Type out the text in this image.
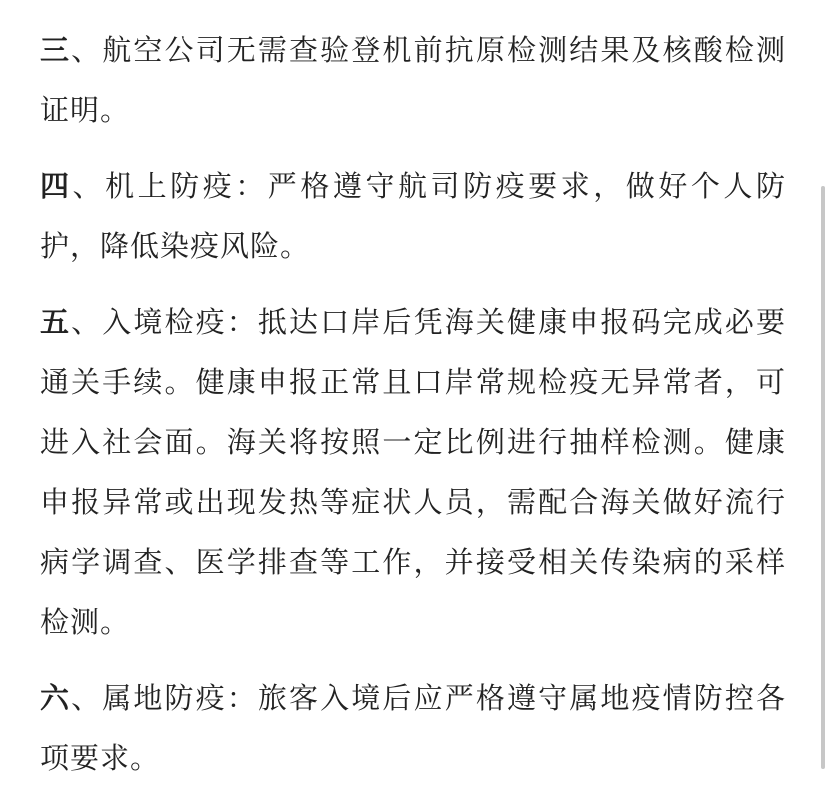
三、航空公司无需查验登机前抗原检测结果及核酸检测证明。

四、机上防疫：严格遵守航司防疫要求，做好个人防护，降低染疫风险。

五、入境检疫：抵达口岸后凭海关健康申报码完成必要通关手续。健康申报正常且口岸常规检疫无异常者，可进入社会面。海关将按照一定比例进行抽样检测。健康申报异常或出现发热等症状人员，需配合海关做好流行病学调查、医学排查等工作，并接受相关传染病的采样检测。

六、属地防疫：旅客入境后应严格遵守属地疫情防控各项要求。
